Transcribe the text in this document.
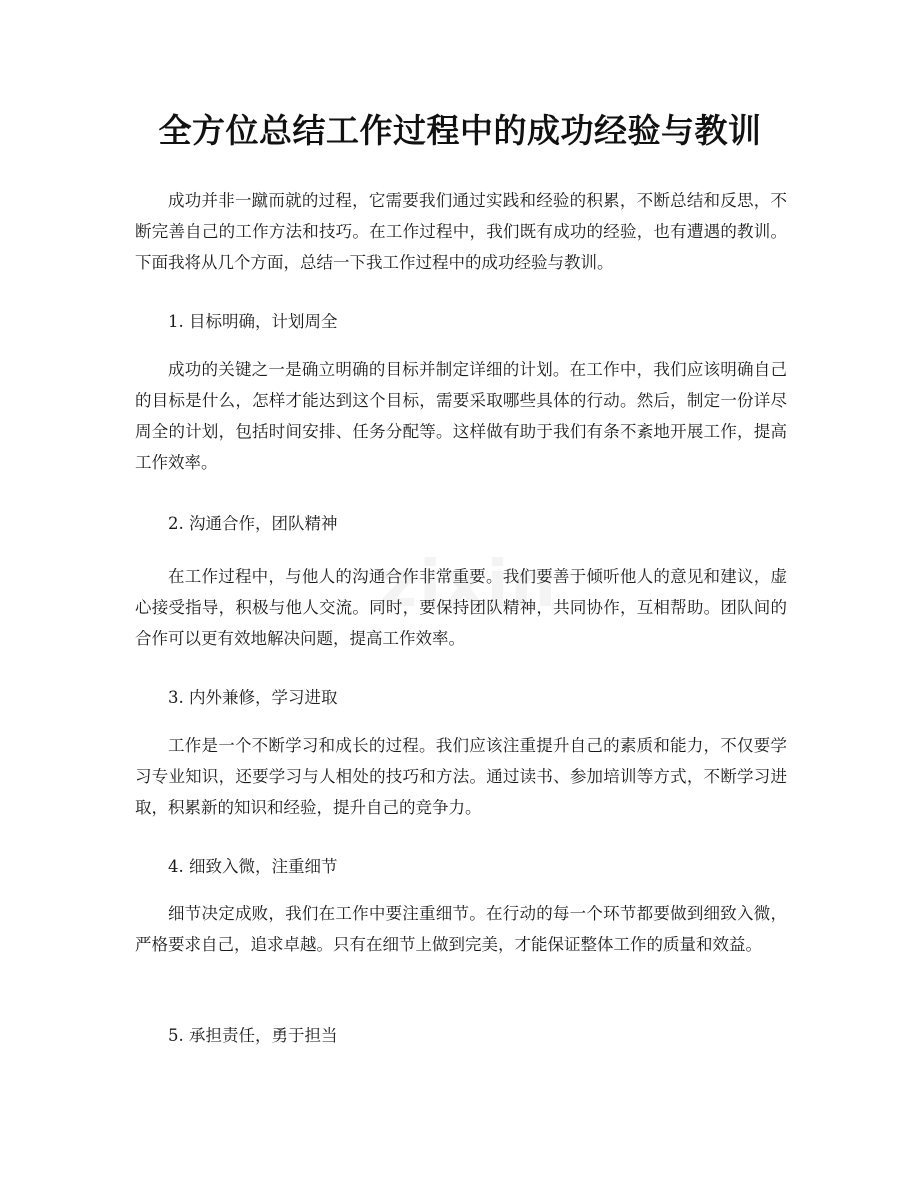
zixin
全方位总结工作过程中的成功经验与教训

成功并非一蹴而就的过程，它需要我们通过实践和经验的积累，不断总结和反思，不断完善自己的工作方法和技巧。在工作过程中，我们既有成功的经验，也有遭遇的教训。下面我将从几个方面，总结一下我工作过程中的成功经验与教训。

1. 目标明确，计划周全

成功的关键之一是确立明确的目标并制定详细的计划。在工作中，我们应该明确自己的目标是什么，怎样才能达到这个目标，需要采取哪些具体的行动。然后，制定一份详尽周全的计划，包括时间安排、任务分配等。这样做有助于我们有条不紊地开展工作，提高工作效率。

2. 沟通合作，团队精神

在工作过程中，与他人的沟通合作非常重要。我们要善于倾听他人的意见和建议，虚心接受指导，积极与他人交流。同时，要保持团队精神，共同协作，互相帮助。团队间的合作可以更有效地解决问题，提高工作效率。

3. 内外兼修，学习进取

工作是一个不断学习和成长的过程。我们应该注重提升自己的素质和能力，不仅要学习专业知识，还要学习与人相处的技巧和方法。通过读书、参加培训等方式，不断学习进取，积累新的知识和经验，提升自己的竞争力。

4. 细致入微，注重细节

细节决定成败，我们在工作中要注重细节。在行动的每一个环节都要做到细致入微，严格要求自己，追求卓越。只有在细节上做到完美，才能保证整体工作的质量和效益。

5. 承担责任，勇于担当
